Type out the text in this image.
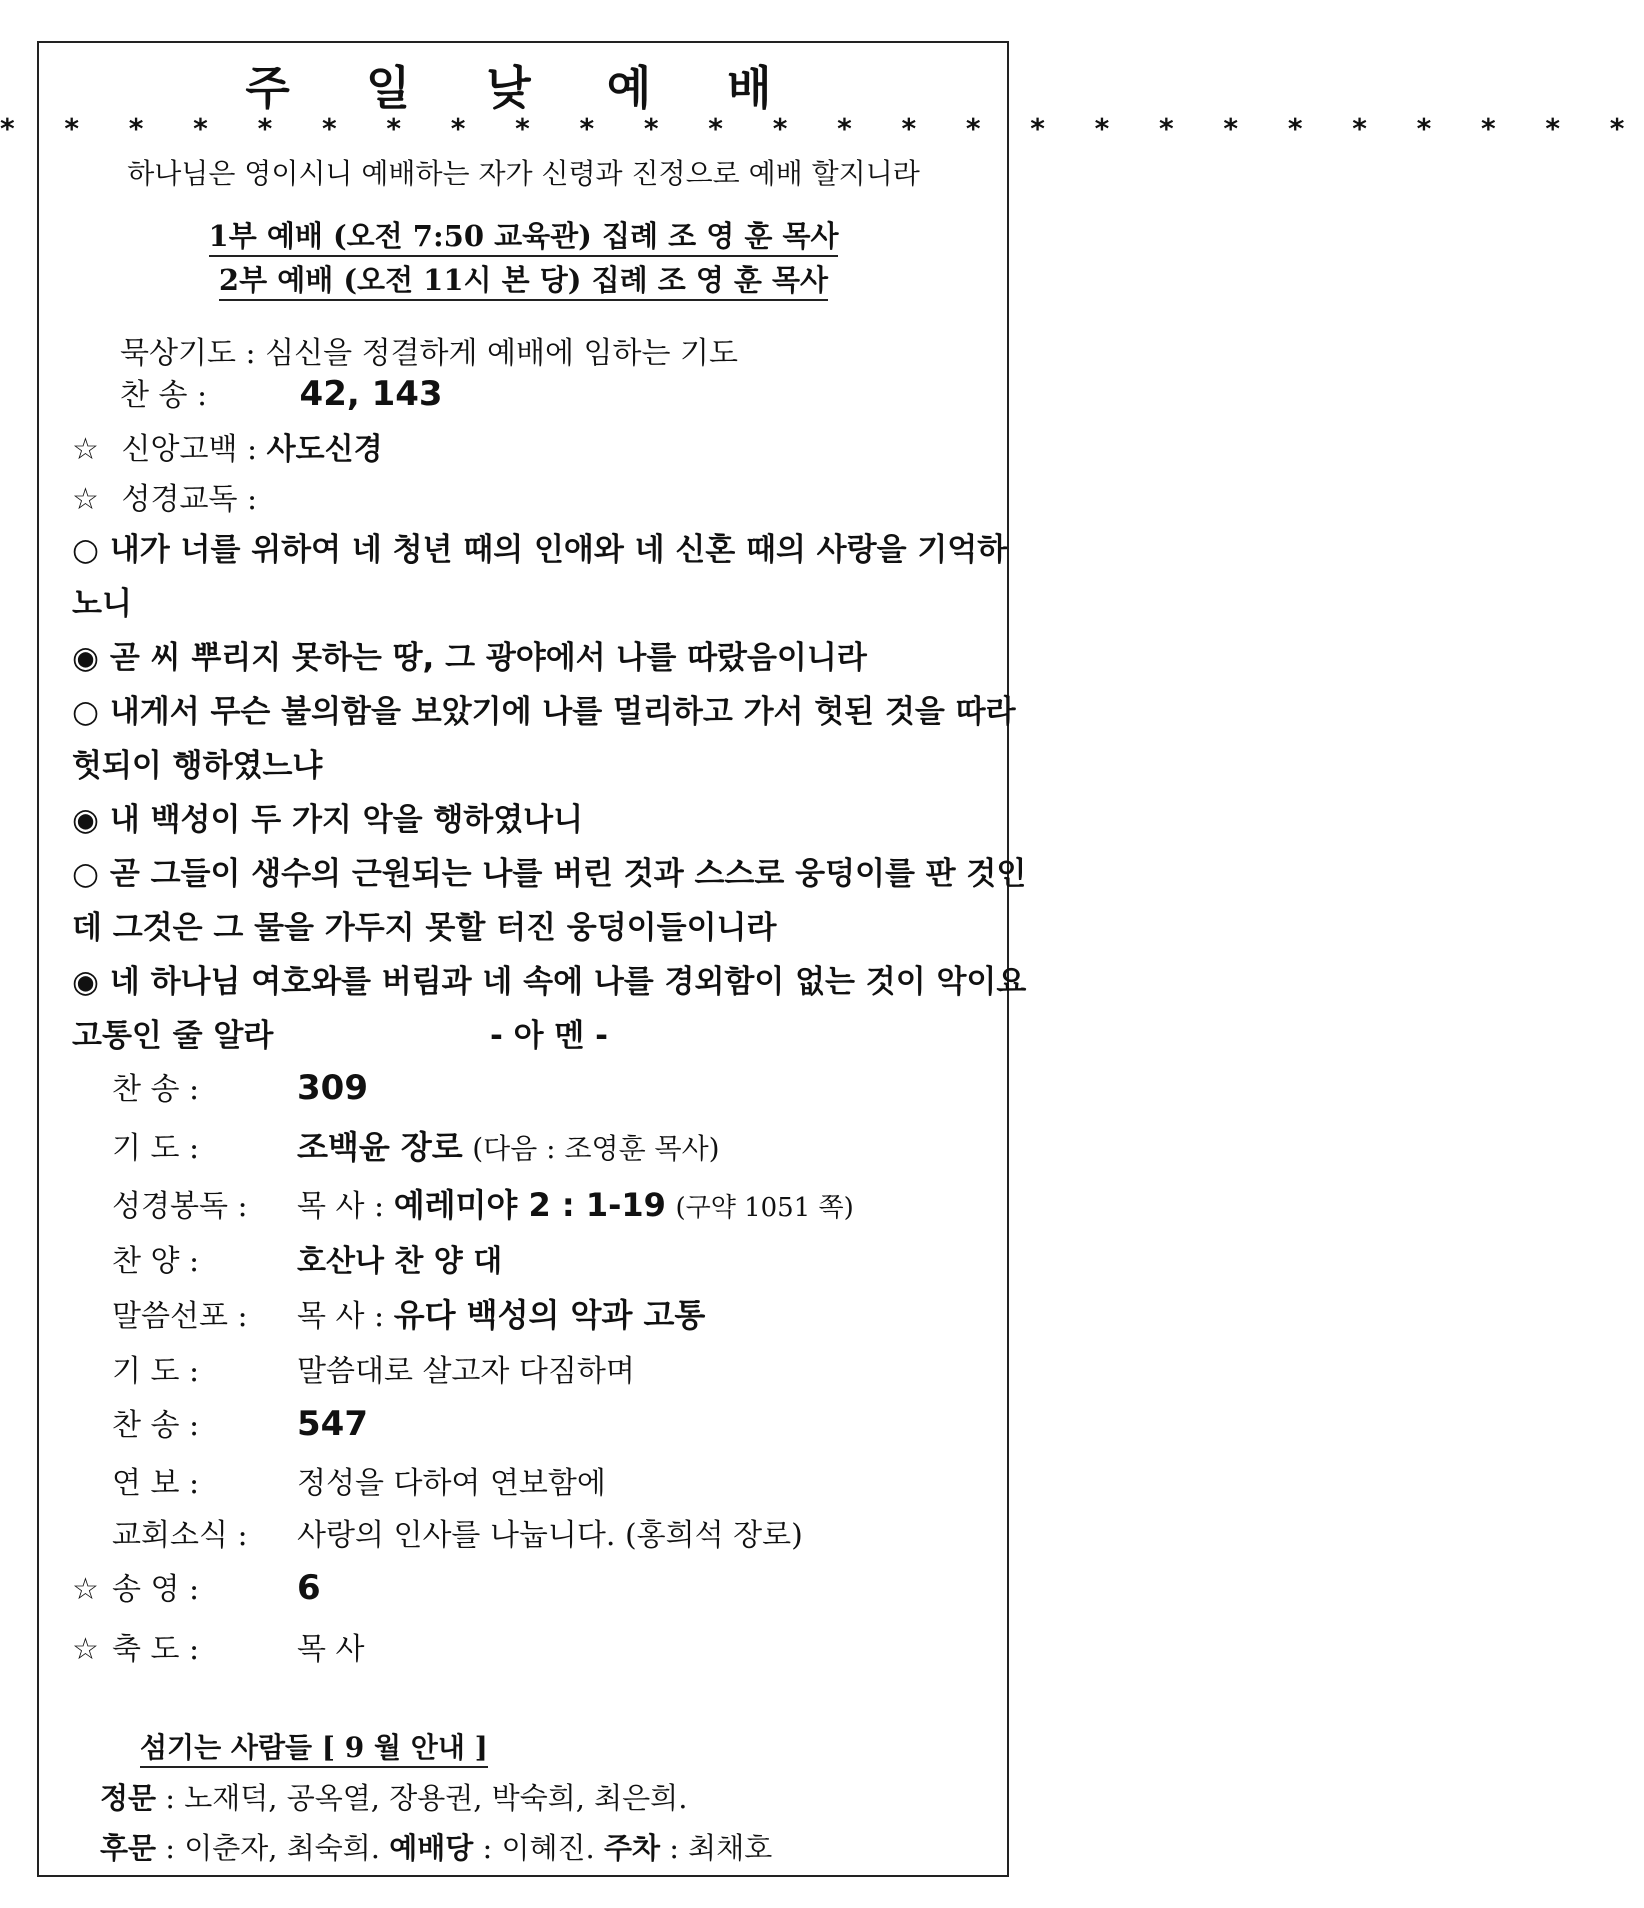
주 일 낮 예 배
* * * * * * * * * * * * * * * * * * * * * * * * * *
하나님은 영이시니 예배하는 자가 신령과 진정으로 예배 할지니라
1부 예배 (오전 7:50 교육관) 집례 조 영 훈 목사
2부 예배 (오전 11시 본 당) 집례 조 영 훈 목사
묵상기도 : 심신을 정결하게 예배에 임하는 기도
찬 송 :	42, 143
☆ 신앙고백 : 사도신경
☆ 성경교독 :
○ 내가 너를 위하여 네 청년 때의 인애와 네 신혼 때의 사랑을 기억하
노니
◉ 곧 씨 뿌리지 못하는 땅, 그 광야에서 나를 따랐음이니라
○ 내게서 무슨 불의함을 보았기에 나를 멀리하고 가서 헛된 것을 따라
헛되이 행하였느냐
◉ 내 백성이 두 가지 악을 행하였나니
○ 곧 그들이 생수의 근원되는 나를 버린 것과 스스로 웅덩이를 판 것인
데 그것은 그 물을 가두지 못할 터진 웅덩이들이니라
◉ 네 하나님 여호와를 버림과 네 속에 나를 경외함이 없는 것이 악이요
고통인 줄 알라	- 아 멘 -
찬 송 :	309
기 도 :	조백윤 장로 (다음 : 조영훈 목사)
성경봉독 : 목 사 : 예레미야 2 : 1-19 (구약 1051 쪽)
찬 양 :	호산나 찬 양 대
말씀선포 : 목 사 : 유다 백성의 악과 고통
기 도 :	말씀대로 살고자 다짐하며
찬 송 :	547
연 보 :	정성을 다하여 연보함에
교회소식 : 사랑의 인사를 나눕니다. (홍희석 장로)
☆ 송 영 :	6
☆ 축 도 :	목 사
섬기는 사람들 [ 9 월 안내 ]
정문 : 노재덕, 공옥열, 장용권, 박숙희, 최은희.
후문 : 이춘자, 최숙희. 예배당 : 이혜진. 주차 : 최채호
